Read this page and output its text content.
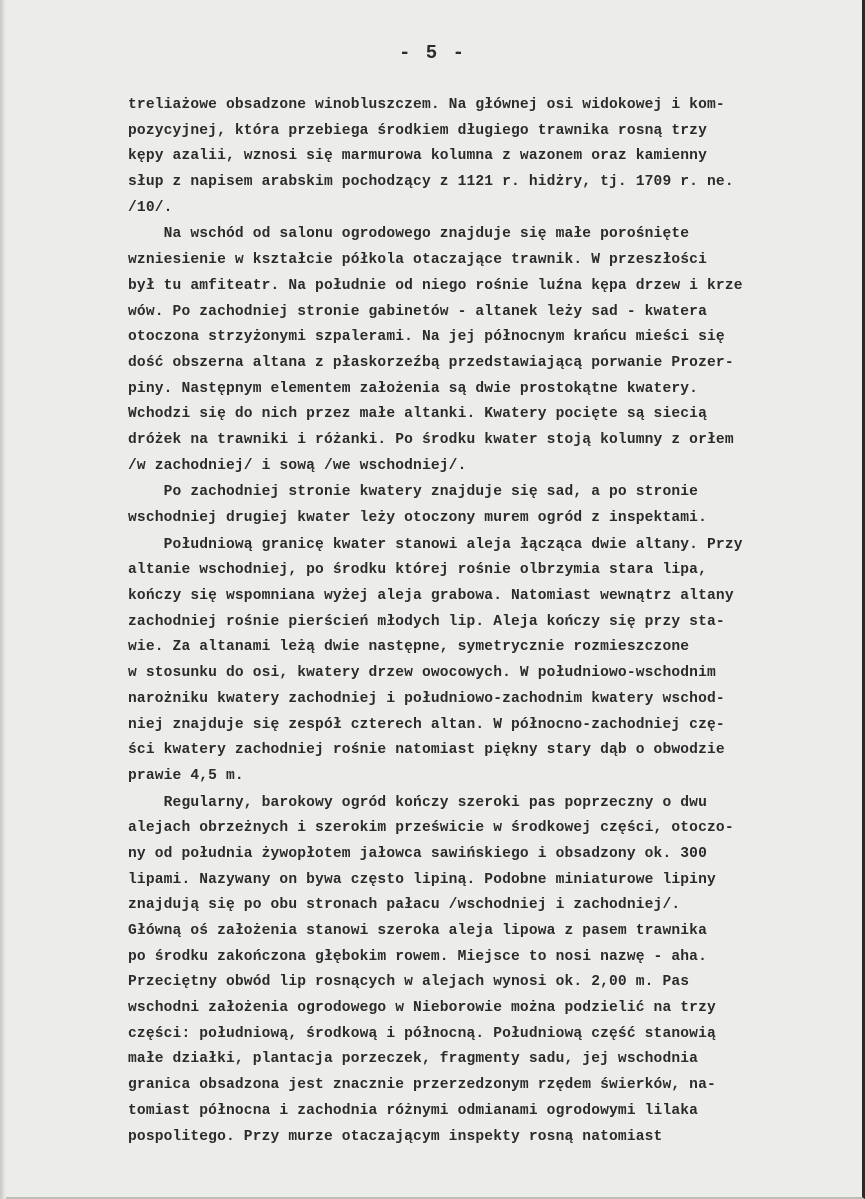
- 5 -
treliażowe obsadzone winobluszczem. Na głównej osi widokowej i kom-
pozycyjnej, która przebiega środkiem długiego trawnika rosną trzy
kępy azalii, wznosi się marmurowa kolumna z wazonem oraz kamienny
słup z napisem arabskim pochodzący z 1121 r. hidżry, tj. 1709 r. ne.
/10/.
Na wschód od salonu ogrodowego znajduje się małe porośnięte
wzniesienie w kształcie półkola otaczające trawnik. W przeszłości
był tu amfiteatr. Na południe od niego rośnie luźna kępa drzew i krze
wów. Po zachodniej stronie gabinetów - altanek leży sad - kwatera
otoczona strzyżonymi szpalerami. Na jej północnym krańcu mieści się
dość obszerna altana z płaskorzeźbą przedstawiającą porwanie Prozer-
piny. Następnym elementem założenia są dwie prostokątne kwatery.
Wchodzi się do nich przez małe altanki. Kwatery pocięte są siecią
dróżek na trawniki i różanki. Po środku kwater stoją kolumny z orłem
/w zachodniej/ i sową /we wschodniej/.
Po zachodniej stronie kwatery znajduje się sad, a po stronie
wschodniej drugiej kwater leży otoczony murem ogród z inspektami.
Południową granicę kwater stanowi aleja łącząca dwie altany. Przy
altanie wschodniej, po środku której rośnie olbrzymia stara lipa,
kończy się wspomniana wyżej aleja grabowa. Natomiast wewnątrz altany
zachodniej rośnie pierścień młodych lip. Aleja kończy się przy sta-
wie. Za altanami leżą dwie następne, symetrycznie rozmieszczone
w stosunku do osi, kwatery drzew owocowych. W południowo-wschodnim
narożniku kwatery zachodniej i południowo-zachodnim kwatery wschod-
niej znajduje się zespół czterech altan. W północno-zachodniej czę-
ści kwatery zachodniej rośnie natomiast piękny stary dąb o obwodzie
prawie 4,5 m.
Regularny, barokowy ogród kończy szeroki pas poprzeczny o dwu
alejach obrzeżnych i szerokim prześwicie w środkowej części, otoczo-
ny od południa żywopłotem jałowca sawińskiego i obsadzony ok. 300
lipami. Nazywany on bywa często lipiną. Podobne miniaturowe lipiny
znajdują się po obu stronach pałacu /wschodniej i zachodniej/.
Główną oś założenia stanowi szeroka aleja lipowa z pasem trawnika
po środku zakończona głębokim rowem. Miejsce to nosi nazwę - aha.
Przeciętny obwód lip rosnących w alejach wynosi ok. 2,00 m. Pas
wschodni założenia ogrodowego w Nieborowie można podzielić na trzy
części: południową, środkową i północną. Południową część stanowią
małe działki, plantacja porzeczek, fragmenty sadu, jej wschodnia
granica obsadzona jest znacznie przerzedzonym rzędem świerków, na-
tomiast północna i zachodnia różnymi odmianami ogrodowymi lilaka
pospolitego. Przy murze otaczającym inspekty rosną natomiast
